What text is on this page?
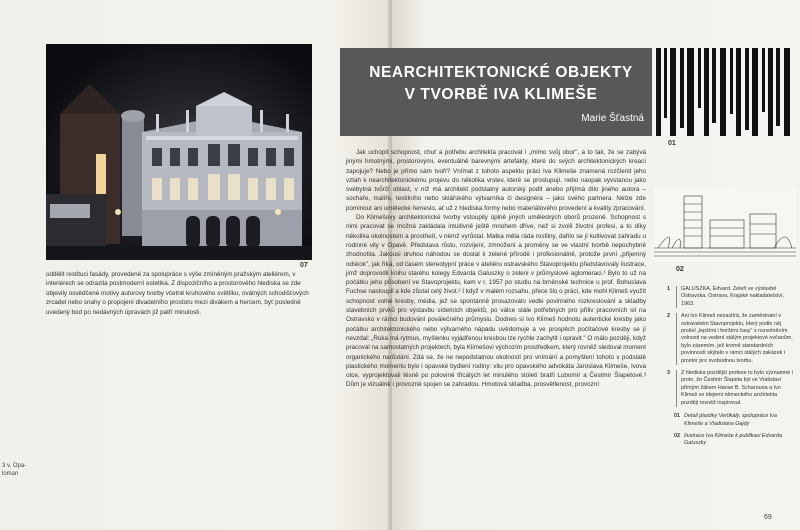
07
oddělit restituci fasády, provedené za spolupráce s výše zmíněným pražským ateliérem, v interiérech se odrazila postmoderní estetika. Z dispozičního a prostorového hlediska se zde objevily osvědčené motivy autorovy tvorby včetně kruhového světlíku, oválných schodišťových zrcadel nebo snahy o propojení divadelního prostoru mezi divákem a hercem, byť posledně uvedený bod po nedávných úpravách již patří minulosti.
3 v. Opa-
loman
NEARCHITEKTONICKÉ OBJEKTY
V TVORBĚ IVA KLIMEŠE
Marie Šťastná
01

Jak uchopit schopnost, chuť a potřebu architekta pracovat i „mimo svůj obor", a to tak, že se zabývá jinými hmotnými, prostorovými, eventuálně barevnými artefakty, které do svých architektonických kreací zapojuje? Nebo je přímo sám tvoří? Vnímat z tohoto aspektu práci Iva Klimeše znamená rozčlenit jeho vztah k nearchitektonickému projevu do několika vrstev, které se prostupují, nebo naopak vyvstanou jako svébytná tvůrčí oblast, v níž má architekt podstatný autorský podíl anebo přijímá dílo jiného autora – sochaře, malíře, textilního nebo sklářského výtvarníka či designéra – jako svého partnera. Nelze zde pominout ani umělecké řemeslo, ať už z hlediska formy nebo materiálového provedení a kvality zpracování.

Do Klimešovy architektonické tvorby vstoupily úplně jiných uměleckých oborů prozeně. Schopnost s nimi pracovat se možná zakládala intuitivně ještě mnohem dříve, než si zvolil životní profesi, a to díky několika okolnostem a prostředí, v němž vyrůstal. Matka měla ráda rostliny, dařilo se jí kultivovat zahradu u rodinné vily v Opavě. Představa růstu, rozvíjení, zmnožení a proměny se ve vlastní tvorbě nepochybně zhodnotila. Jakousi druhou náhodou se dostal k zelené přírodě i profesionálně, protože první „přijemný odskok", jak říká, od časem stereotypní práce v ateliéru ostravského Stavoprojektu představovaly ilustrace, jimž doprovodil knihu starého kolegy Edvarda Galuszky o zeleni v průmyslové aglomeraci.¹ Bylo to už na počátku jeho působení ve Stavoprojektu, kam v r. 1957 po studiu na brněnské technice u prof. Bohuslava Fuchse nastoupil a kde zůstal celý život.² I když v malém rozsahu, přece šlo o práci, kde mohl Klimeš využít schopnost volné kresby, média, jež se spontánně prosazovalo vedle povinného rozkreslování a skladby stavebních prvků pro výstavbu sídelních objektů, po válce stále potřebných pro příliv pracovních sil na Ostravsko v rámci budování poválečného průmyslu. Dodnes si Ivo Klimeš hodnotu autentické kresby jako počátku architektonického nebo výtvarného nápadu uvědomuje a ve prospěch počítačové kresby se jí nevzdal: „Ruka má rytmus, myšlenku vyjádřenou kresbou lze rychle zachytit i opravit." O málo později, když pracoval na samostatných projektech, byla Klimešovi výchozím prostředkem, který rovněž sledoval moment organického narůstání. Zdá se, že ne nepodstatnou okolností pro vnímání a pomyšlení tohoto v podstatě plastického momentu bylo i opavské bydlení rodiny: vilu pro opavského advokáta Jaroslava Klimeše, Ivova otce, vyprojektovali těsně po polovině třicátých let minulého století bratři Lubomír a Čestmír Šlapetové.³ Dům je vizuálně i provozně spojen se zahradou. Hmotová skladba, prosvětlenost, provozní

02
1	GALUSZKA, Edvard. Zeleň ve výstavbě Ostravska. Ostrava, Krajské nakladatelství, 1963.
2	Ani Ivo Klimeš nezastírá, že zaměstnání v ostravském Stavoprojektu, který podle něj prošel „lepšími i horšími časy" s rozvolněním volnosti na vedení stálým projektové ovčanům, bylo zázemím, jež kromě standardních povinností skýtalo v rámci stálých zakázek i prostor pro svobodnou tvorbu.
3	Z hlediska pozdější profese to bylo významné i proto, že Čestmír Šlapeta byl ve Vratislavi přímým žákem Hanse B. Scharouna a Ivo Klimeš se idejemi německého architekta později rovněž inspiroval.
01 Detail plastiky Vertikály, spolupráce Iva Klimeše a Vladislava Gajdy
02 Ilustrace Iva Klimeše k publikaci Edvarda Galuszky
69
